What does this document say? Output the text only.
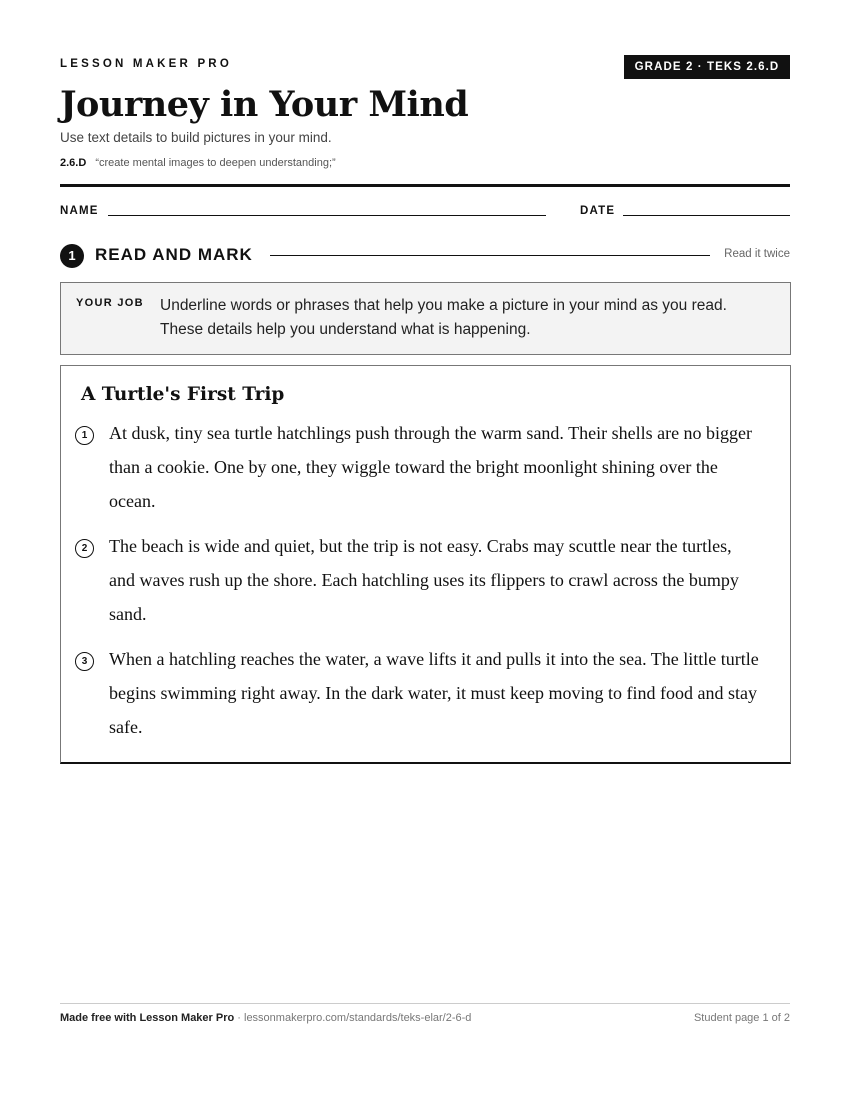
LESSON MAKER PRO	GRADE 2 · TEKS 2.6.D
Journey in Your Mind
Use text details to build pictures in your mind.
2.6.D “create mental images to deepen understanding;”
NAME	DATE
1	READ AND MARK	Read it twice
YOUR JOB Underline words or phrases that help you make a picture in your mind as you read. These details help you understand what is happening.
A Turtle's First Trip
1	At dusk, tiny sea turtle hatchlings push through the warm sand. Their shells are no bigger than a cookie. One by one, they wiggle toward the bright moonlight shining over the ocean.
2	The beach is wide and quiet, but the trip is not easy. Crabs may scuttle near the turtles, and waves rush up the shore. Each hatchling uses its flippers to crawl across the bumpy sand.
3	When a hatchling reaches the water, a wave lifts it and pulls it into the sea. The little turtle begins swimming right away. In the dark water, it must keep moving to find food and stay safe.
Made free with Lesson Maker Pro · lessonmakerpro.com/standards/teks-elar/2-6-d	Student page 1 of 2
